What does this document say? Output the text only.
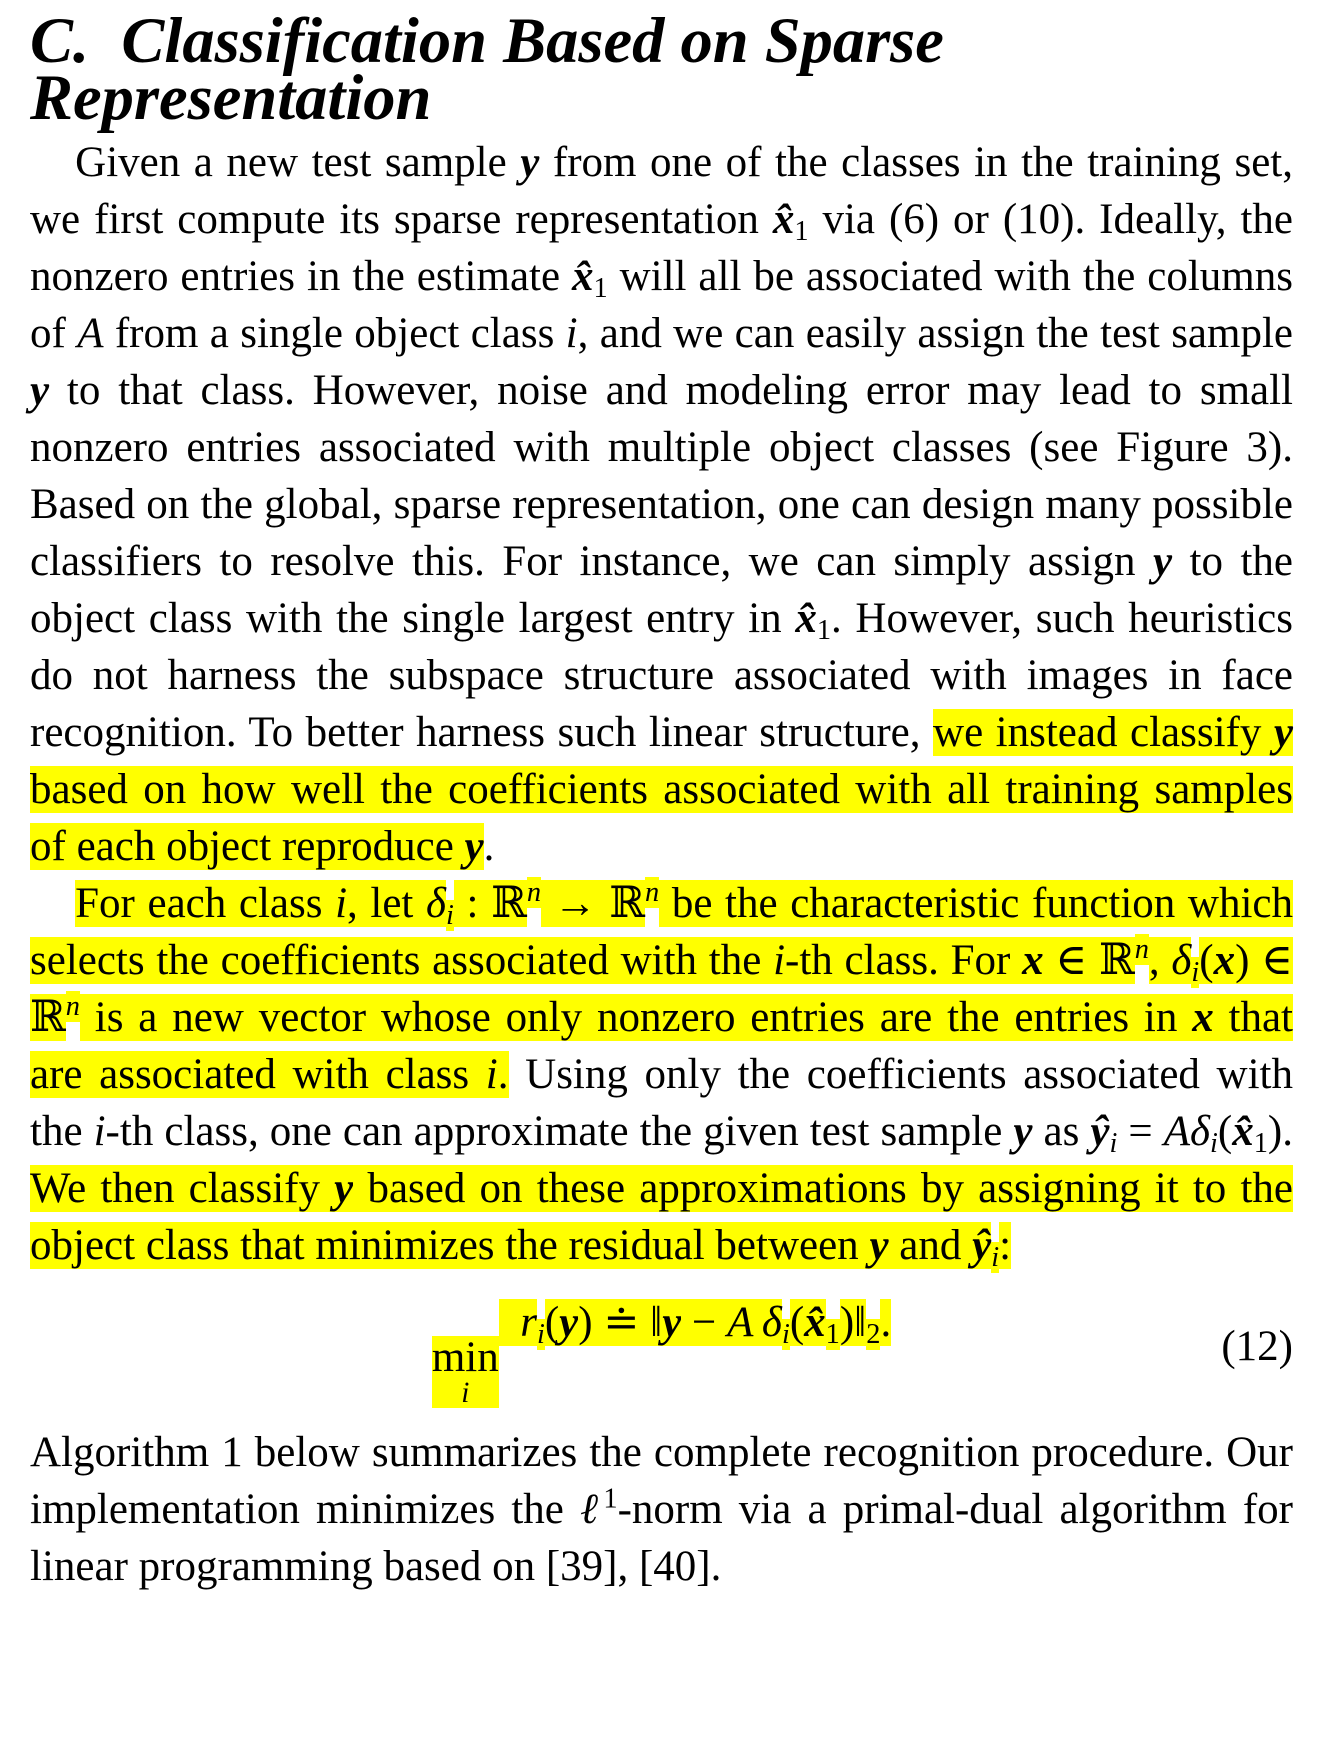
C. Classification Based on Sparse Representation

Given a new test sample y from one of the classes in the training set, we first compute its sparse representation $x̂_1$ via (6) or (10). Ideally, the nonzero entries in the estimate $x̂_1$ will all be associated with the columns of A from a single object class i, and we can easily assign the test sample y to that class. However, noise and modeling error may lead to small nonzero entries associated with multiple object classes (see Figure 3). Based on the global, sparse representation, one can design many possible classifiers to resolve this. For instance, we can simply assign y to the object class with the single largest entry in $x̂_1$. However, such heuristics do not harness the subspace structure associated with images in face recognition. To better harness such linear structure, we instead classify y based on how well the coefficients associated with all training samples of each object reproduce y.

For each class i, let $\delta_i$ : ℝ$^n$ → ℝ$^n$ be the characteristic function which selects the coefficients associated with the i-th class. For x ∈ ℝ$^n$, $\delta_i(x)$ ∈ ℝ$^n$ is a new vector whose only nonzero entries are the entries in x that are associated with class i. Using only the coefficients associated with the i-th class, one can approximate the given test sample y as $ŷ_i$ = $A\delta_i(x̂_1)$. We then classify y based on these approximations by assigning it to the object class that minimizes the residual between y and $ŷ_i$:

min
i
 $r_i(y)$ ≐ ‖y − A $\delta_i(x̂_1)‖_2$.
(12)

Algorithm 1 below summarizes the complete recognition procedure. Our implementation minimizes the ℓ$^1$-norm via a primal-dual algorithm for linear programming based on [39], [40].
